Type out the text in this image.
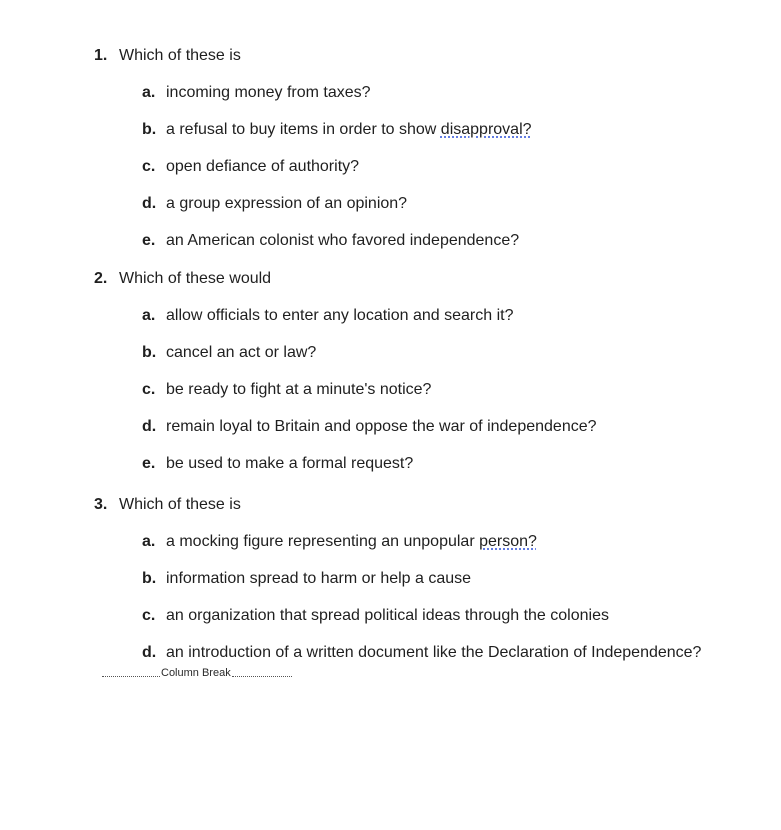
1. Which of these is
a. incoming money from taxes?
b. a refusal to buy items in order to show disapproval?
c. open defiance of authority?
d. a group expression of an opinion?
e. an American colonist who favored independence?
2. Which of these would
a. allow officials to enter any location and search it?
b. cancel an act or law?
c. be ready to fight at a minute's notice?
d. remain loyal to Britain and oppose the war of independence?
e. be used to make a formal request?
3. Which of these is
a. a mocking figure representing an unpopular person?
b. information spread to harm or help a cause
c. an organization that spread political ideas through the colonies
d. an introduction of a written document like the Declaration of Independence?
Column Break
